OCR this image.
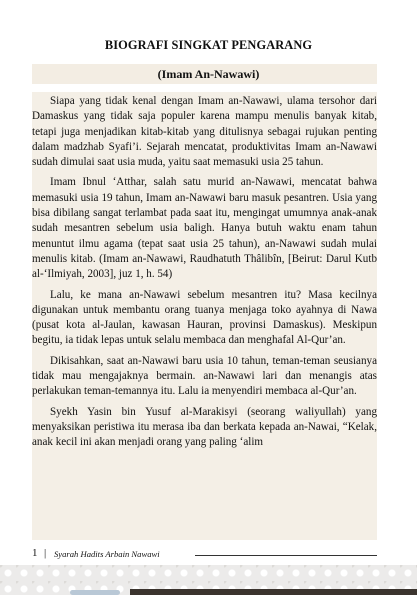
BIOGRAFI SINGKAT PENGARANG
(Imam An-Nawawi)

Siapa yang tidak kenal dengan Imam an-Nawawi, ulama tersohor dari Damaskus yang tidak saja populer karena mampu menulis banyak kitab, tetapi juga menjadikan kitab-kitab yang ditulisnya sebagai rujukan penting dalam madzhab Syafi’i. Sejarah mencatat, produktivitas Imam an-Nawawi sudah dimulai saat usia muda, yaitu saat memasuki usia 25 tahun.

Imam Ibnul ‘Atthar, salah satu murid an-Nawawi, mencatat bahwa memasuki usia 19 tahun, Imam an-Nawawi baru masuk pesantren. Usia yang bisa dibilang sangat terlambat pada saat itu, mengingat umumnya anak-anak sudah mesantren sebelum usia baligh. Hanya butuh waktu enam tahun menuntut ilmu agama (tepat saat usia 25 tahun), an-Nawawi sudah mulai menulis kitab. (Imam an-Nawawi, Raudhatuth Thâlibîn, [Beirut: Darul Kutb al-‘Ilmiyah, 2003], juz 1, h. 54)

Lalu, ke mana an-Nawawi sebelum mesantren itu? Masa kecilnya digunakan untuk membantu orang tuanya menjaga toko ayahnya di Nawa (pusat kota al-Jaulan, kawasan Hauran, provinsi Damaskus). Meskipun begitu, ia tidak lepas untuk selalu membaca dan menghafal Al-Qur’an.

Dikisahkan, saat an-Nawawi baru usia 10 tahun, teman-teman seusianya tidak mau mengajaknya bermain. an-Nawawi lari dan menangis atas perlakukan teman-temannya itu. Lalu ia menyendiri membaca al-Qur’an.

Syekh Yasin bin Yusuf al-Marakisyi (seorang waliyullah) yang menyaksikan peristiwa itu merasa iba dan berkata kepada an-Nawai, “Kelak, anak kecil ini akan menjadi orang yang paling ‘alim

1 | Syarah Hadits Arbain Nawawi
